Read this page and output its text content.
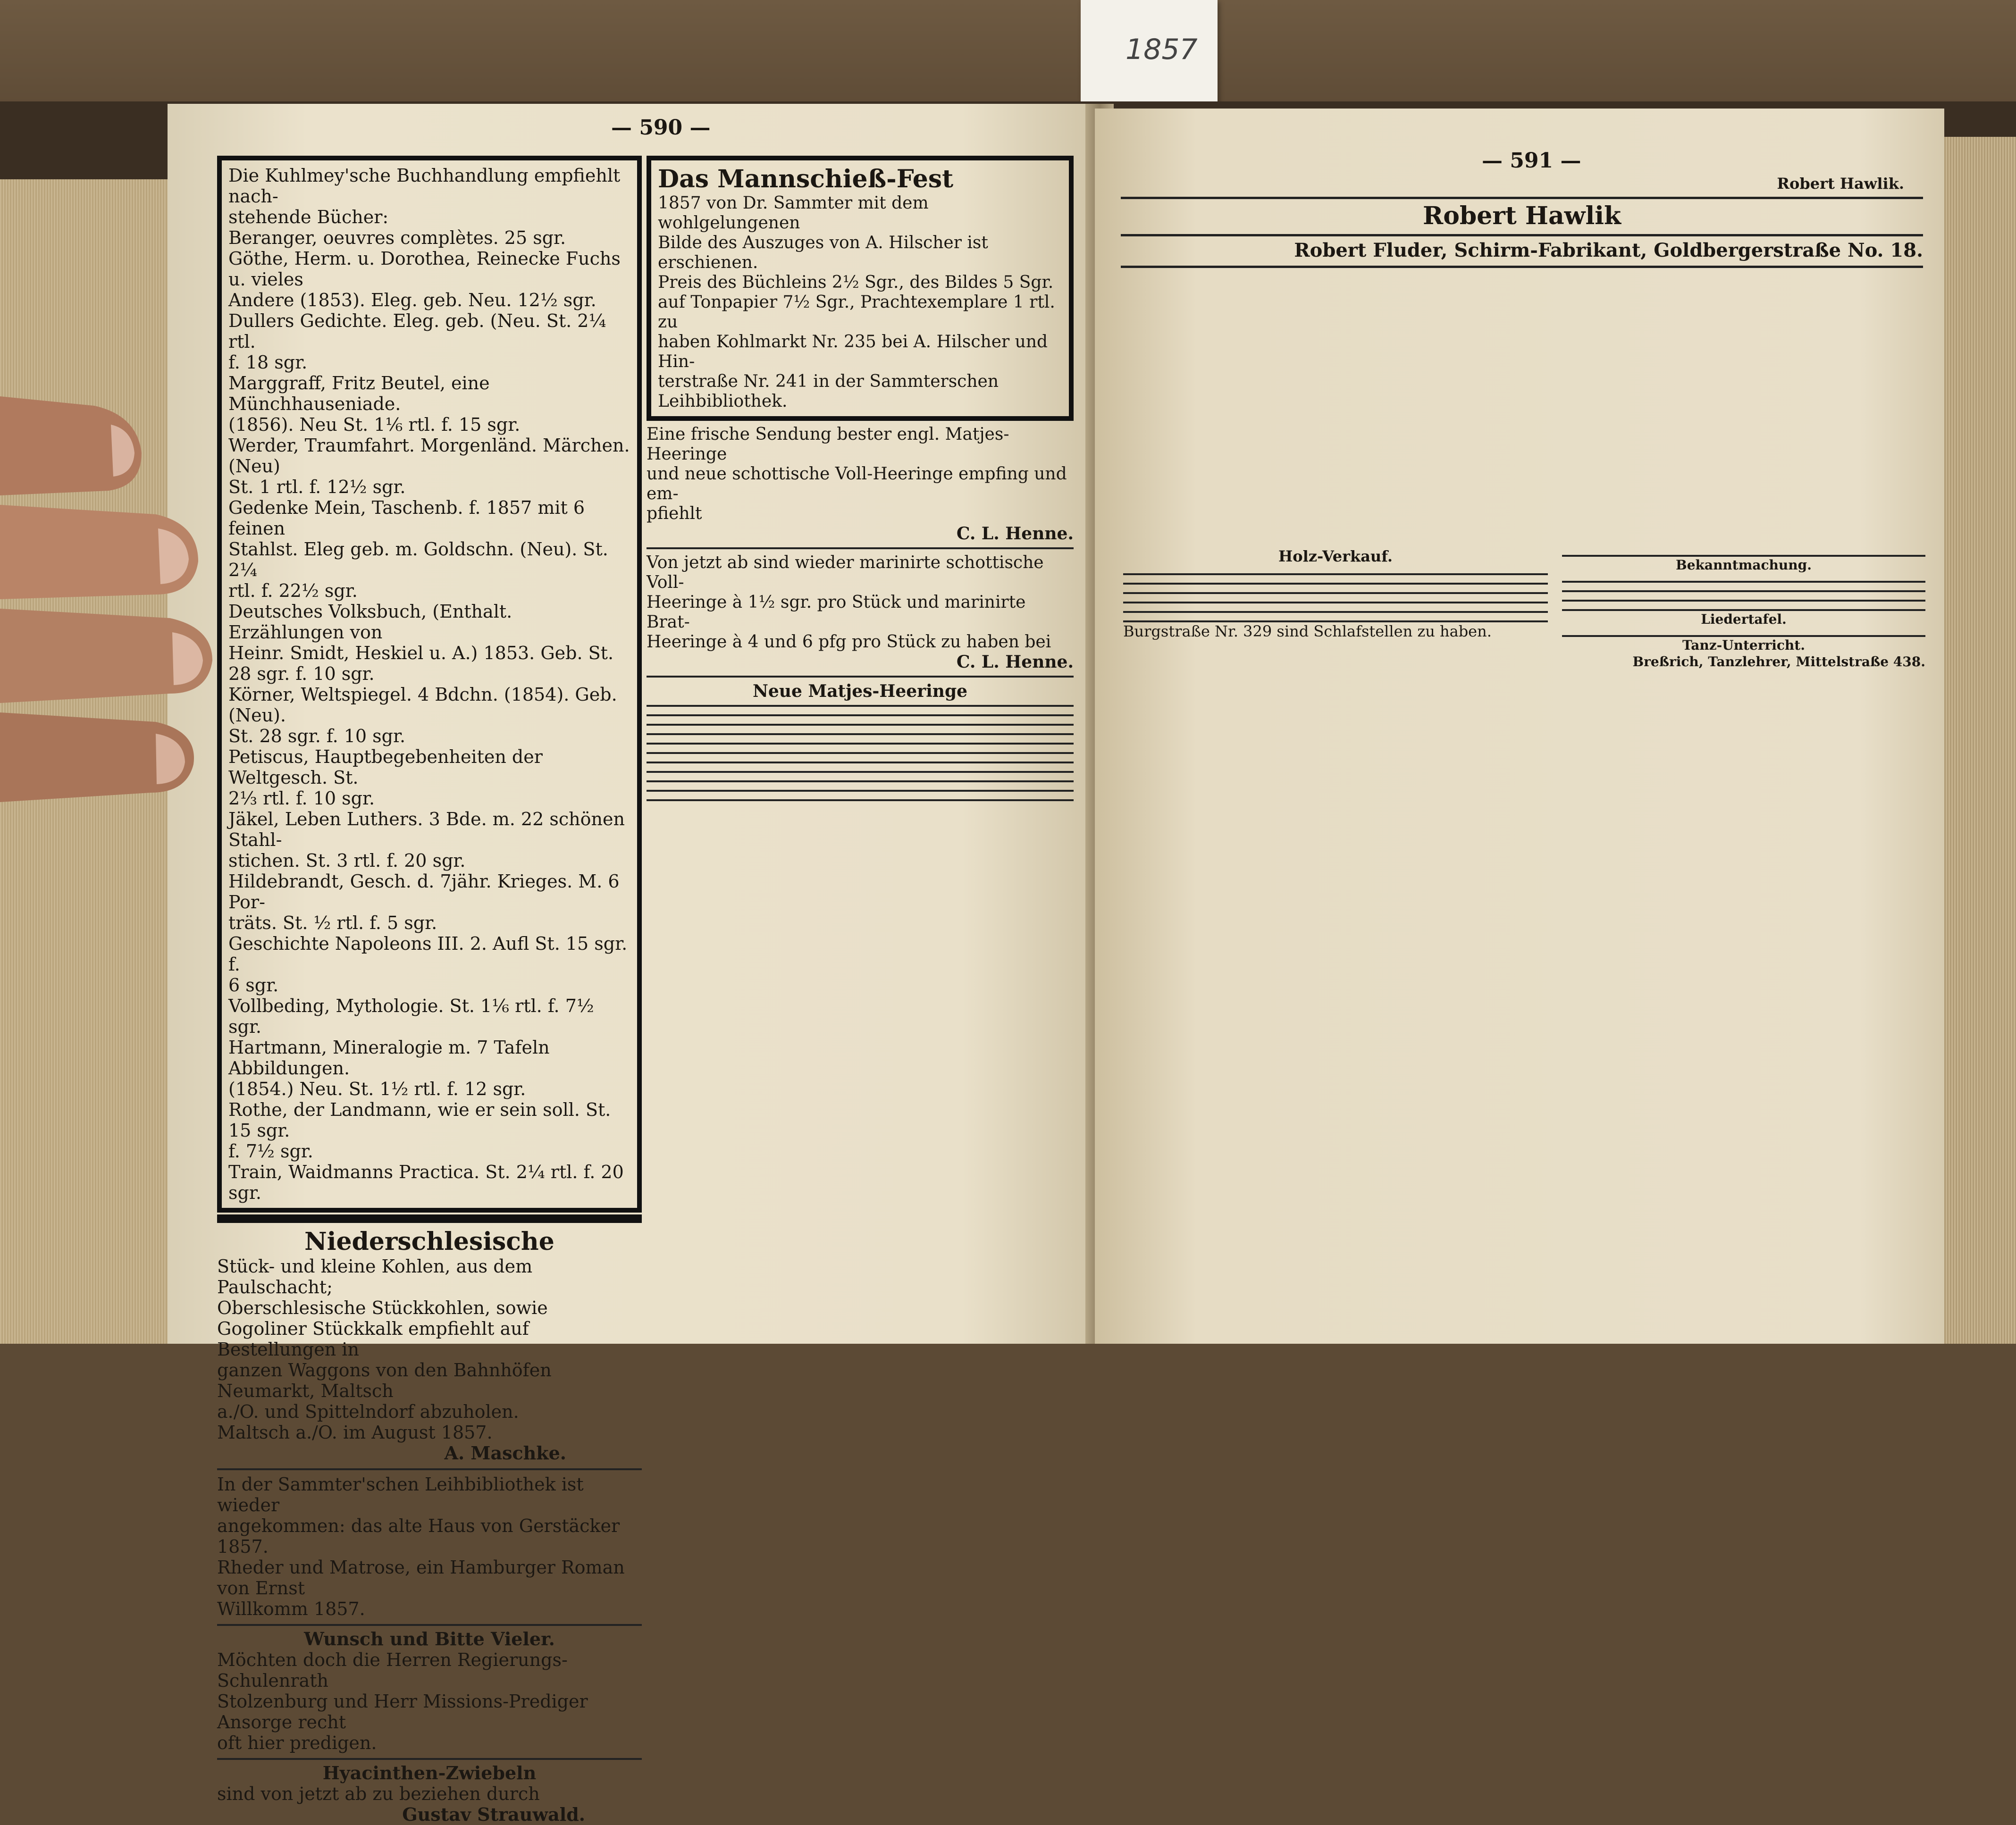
1857
— 590 —
Die Kuhlmey'sche Buchhandlung empfiehlt nach-
stehende Bücher:
Beranger, oeuvres complètes. 25 sgr.
Göthe, Herm. u. Dorothea, Reinecke Fuchs u. vieles
Andere (1853). Eleg. geb. Neu. 12½ sgr.
Dullers Gedichte. Eleg. geb. (Neu. St. 2¼ rtl.
f. 18 sgr.
Marggraff, Fritz Beutel, eine Münchhauseniade.
(1856). Neu St. 1⅙ rtl. f. 15 sgr.
Werder, Traumfahrt. Morgenländ. Märchen. (Neu)
St. 1 rtl. f. 12½ sgr.
Gedenke Mein, Taschenb. f. 1857 mit 6 feinen
Stahlst. Eleg geb. m. Goldschn. (Neu). St. 2¼
rtl. f. 22½ sgr.
Deutsches Volksbuch, (Enthalt. Erzählungen von
Heinr. Smidt, Heskiel u. A.) 1853. Geb. St.
28 sgr. f. 10 sgr.
Körner, Weltspiegel. 4 Bdchn. (1854). Geb. (Neu).
St. 28 sgr. f. 10 sgr.
Petiscus, Hauptbegebenheiten der Weltgesch. St.
2⅓ rtl. f. 10 sgr.
Jäkel, Leben Luthers. 3 Bde. m. 22 schönen Stahl-
stichen. St. 3 rtl. f. 20 sgr.
Hildebrandt, Gesch. d. 7jähr. Krieges. M. 6 Por-
träts. St. ½ rtl. f. 5 sgr.
Geschichte Napoleons III. 2. Aufl St. 15 sgr. f.
6 sgr.
Vollbeding, Mythologie. St. 1⅙ rtl. f. 7½ sgr.
Hartmann, Mineralogie m. 7 Tafeln Abbildungen.
(1854.) Neu. St. 1½ rtl. f. 12 sgr.
Rothe, der Landmann, wie er sein soll. St. 15 sgr.
f. 7½ sgr.
Train, Waidmanns Practica. St. 2¼ rtl. f. 20 sgr.
Niederschlesische
Stück- und kleine Kohlen, aus dem Paulschacht;
Oberschlesische Stückkohlen, sowie
Gogoliner Stückkalk empfiehlt auf Bestellungen in
ganzen Waggons von den Bahnhöfen Neumarkt, Maltsch
a./O. und Spittelndorf abzuholen.
Maltsch a./O. im August 1857.
A. Maschke.
In der Sammter'schen Leihbibliothek ist wieder
angekommen: das alte Haus von Gerstäcker 1857.
Rheder und Matrose, ein Hamburger Roman von Ernst
Willkomm 1857.
Wunsch und Bitte Vieler.
Möchten doch die Herren Regierungs-Schulenrath
Stolzenburg und Herr Missions-Prediger Ansorge recht
oft hier predigen.
Hyacinthen-Zwiebeln
sind von jetzt ab zu beziehen durch
Gustav Strauwald.
Das Mannschieß-Fest
1857 von Dr. Sammter mit dem wohlgelungenen
Bilde des Auszuges von A. Hilscher ist erschienen.
Preis des Büchleins 2½ Sgr., des Bildes 5 Sgr.
auf Tonpapier 7½ Sgr., Prachtexemplare 1 rtl. zu
haben Kohlmarkt Nr. 235 bei A. Hilscher und Hin-
terstraße Nr. 241 in der Sammterschen Leihbibliothek.
Eine frische Sendung bester engl. Matjes-Heeringe
und neue schottische Voll-Heeringe empfing und em-
pfiehlt
C. L. Henne.
Von jetzt ab sind wieder marinirte schottische Voll-
Heeringe à 1½ sgr. pro Stück und marinirte Brat-
Heeringe à 4 und 6 pfg pro Stück zu haben bei
C. L. Henne.
Neue Matjes-Heeringe
— 591 —
Robert Hawlik.
Robert Hawlik
Robert Fluder, Schirm-Fabrikant, Goldbergerstraße No. 18.
Holz-Verkauf.
Burgstraße Nr. 329 sind Schlafstellen zu haben.
Bekanntmachung.
Liedertafel.
Tanz-Unterricht.
Breßrich, Tanzlehrer, Mittelstraße 438.
